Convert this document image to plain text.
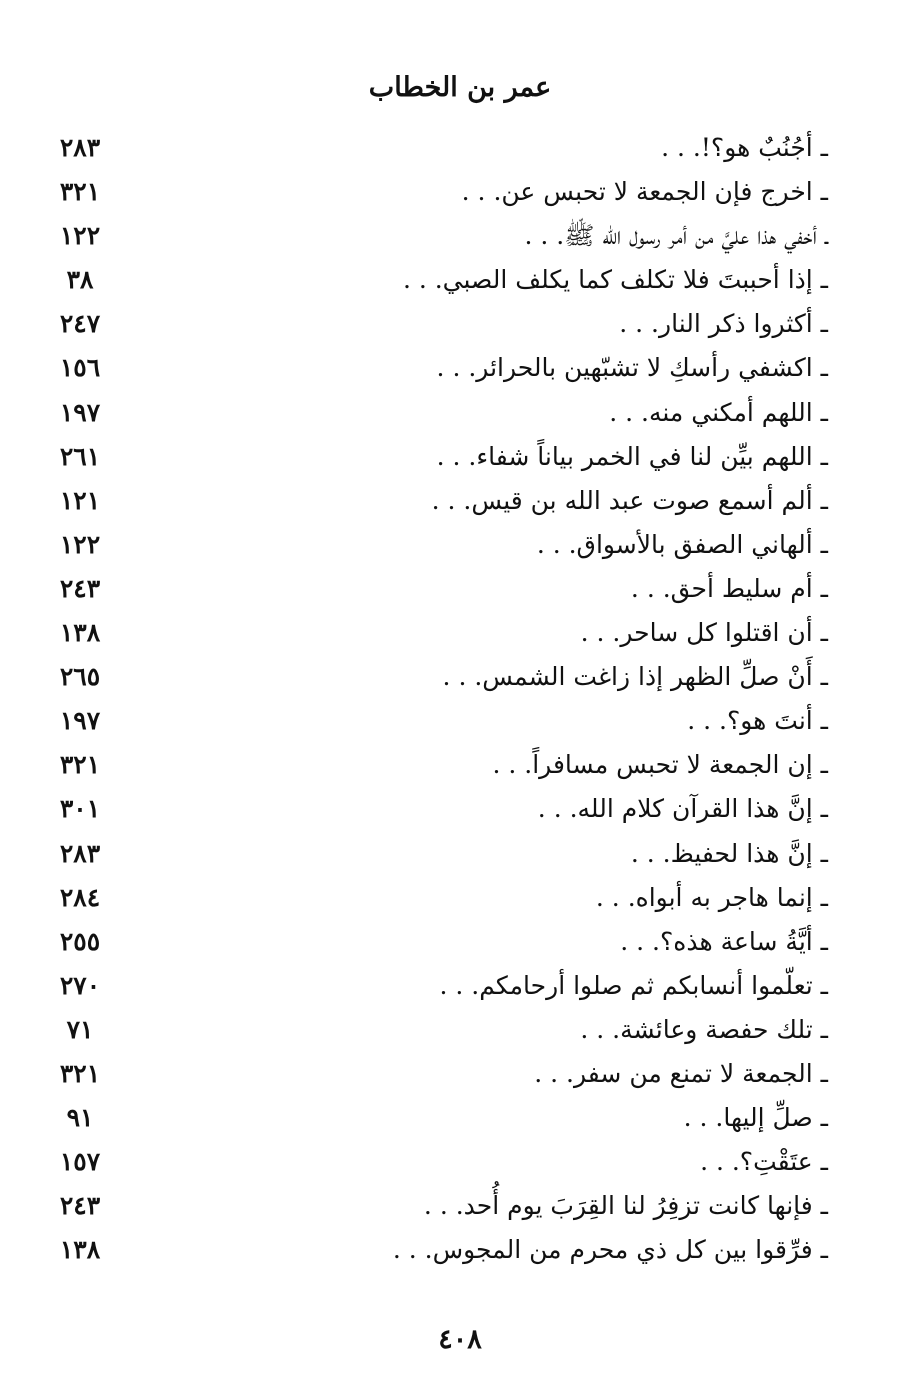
عمر بن الخطاب
ـ أجُنُبٌ هو؟!. . .
٢٨٣
ـ اخرج فإن الجمعة لا تحبس عن. . .
٣٢١
ـ أخفي هذا عليَّ من أمر رسول الله ﷺ. . .
١٢٢
ـ إذا أحببتَ فلا تكلف كما يكلف الصبي. . .
٣٨
ـ أكثروا ذكر النار. . .
٢٤٧
ـ اكشفي رأسكِ لا تشبّهين بالحرائر. . .
١٥٦
ـ اللهم أمكني منه. . .
١٩٧
ـ اللهم بيِّن لنا في الخمر بياناً شفاء. . .
٢٦١
ـ ألم أسمع صوت عبد الله بن قيس. . .
١٢١
ـ ألهاني الصفق بالأسواق. . .
١٢٢
ـ أم سليط أحق. . .
٢٤٣
ـ أن اقتلوا كل ساحر. . .
١٣٨
ـ أَنْ صلِّ الظهر إذا زاغت الشمس. . .
٢٦٥
ـ أنتَ هو؟. . .
١٩٧
ـ إن الجمعة لا تحبس مسافراً. . .
٣٢١
ـ إنَّ هذا القرآن كلام الله. . .
٣٠١
ـ إنَّ هذا لحفيظ. . .
٢٨٣
ـ إنما هاجر به أبواه. . .
٢٨٤
ـ أيَّةُ ساعة هذه؟. . .
٢٥٥
ـ تعلّموا أنسابكم ثم صلوا أرحامكم. . .
٢٧٠
ـ تلك حفصة وعائشة. . .
٧١
ـ الجمعة لا تمنع من سفر. . .
٣٢١
ـ صلِّ إليها. . .
٩١
ـ عتَقْتِ؟. . .
١٥٧
ـ فإنها كانت تزفِرُ لنا القِرَبَ يوم أُحد. . .
٢٤٣
ـ فرِّقوا بين كل ذي محرم من المجوس. . .
١٣٨
٤٠٨
